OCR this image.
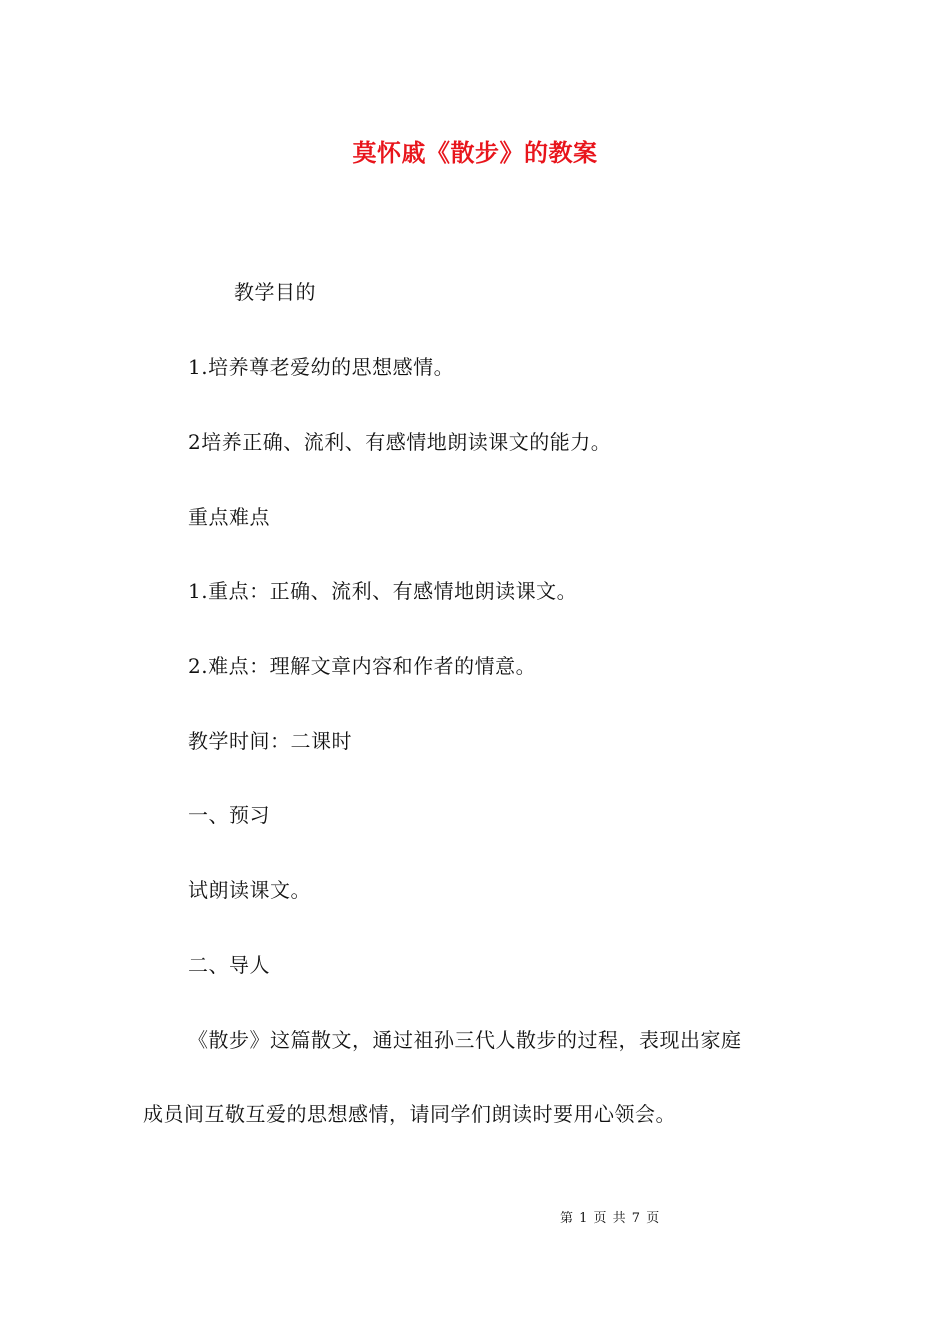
莫怀戚《散步》的教案
教学目的
1.培养尊老爱幼的思想感情。
2培养正确、流利、有感情地朗读课文的能力。
重点难点
1.重点：正确、流利、有感情地朗读课文。
2.难点：理解文章内容和作者的情意。
教学时间：二课时
一、预习
试朗读课文。
二、导人
《散步》这篇散文，通过祖孙三代人散步的过程，表现出家庭
成员间互敬互爱的思想感情，请同学们朗读时要用心领会。
第 1 页 共 7 页
